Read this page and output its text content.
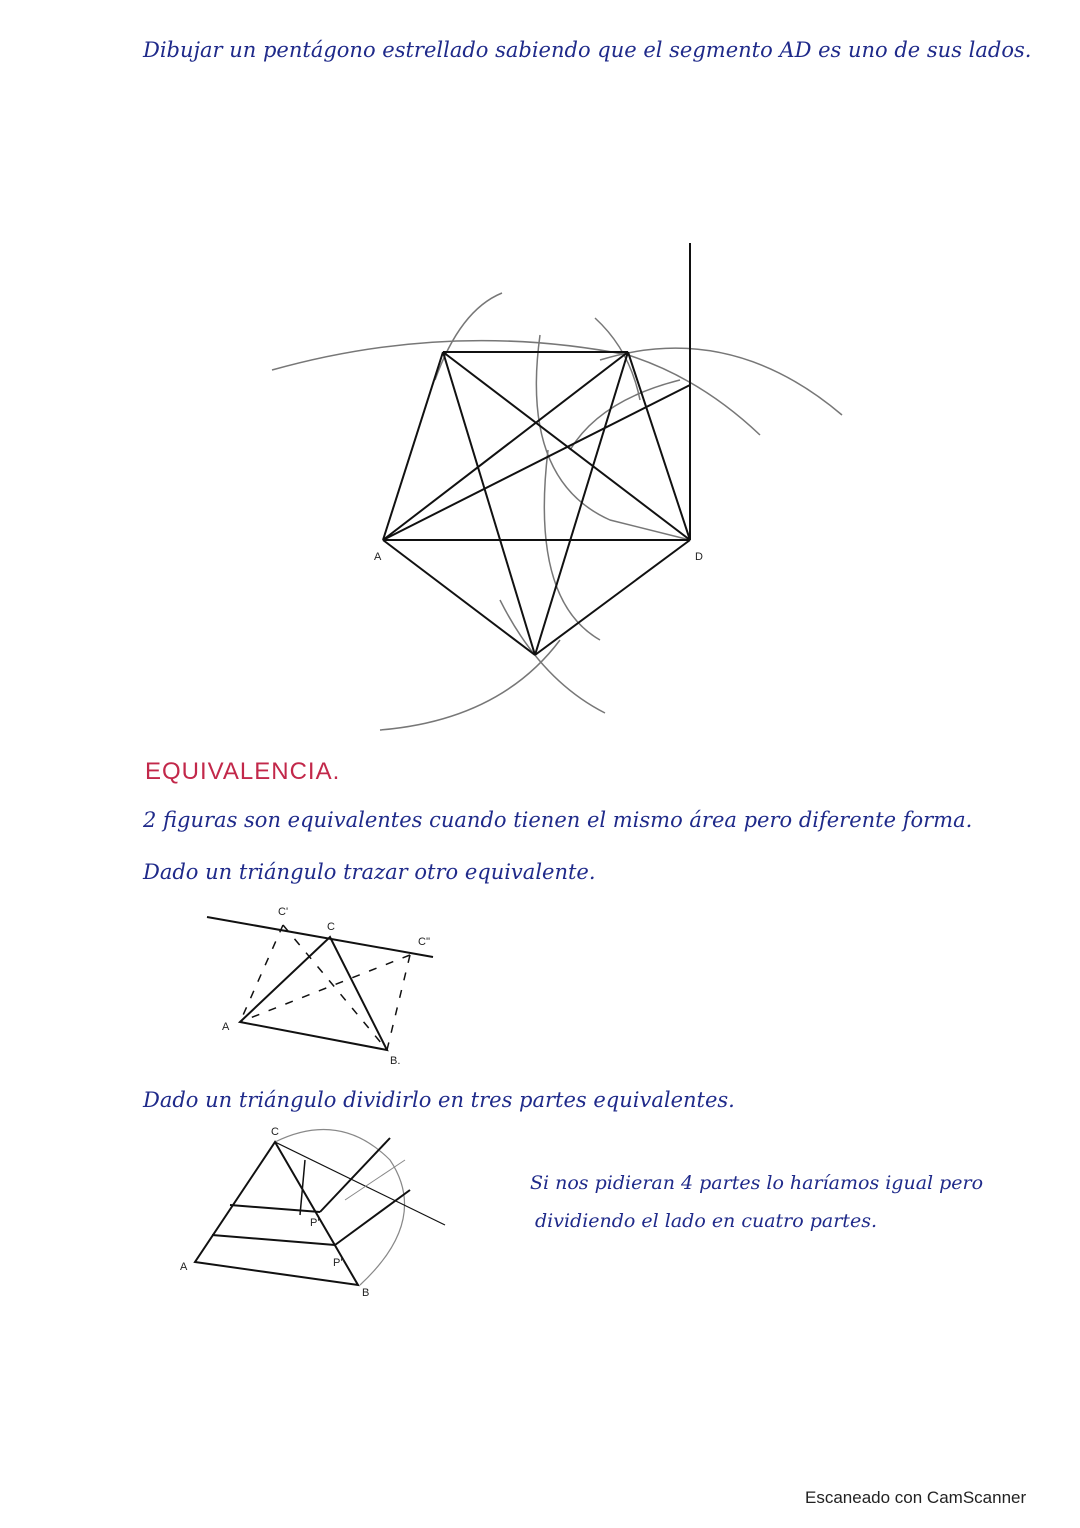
Dibujar un pentágono estrellado sabiendo que el segmento AD es uno de sus lados.
A	D
C'
C
C''
A
B.
C
A
B
P'
P''
EQUIVALENCIA.
2 figuras son equivalentes cuando tienen el mismo área pero diferente forma.
Dado un triángulo trazar otro equivalente.
Dado un triángulo dividirlo en tres partes equivalentes.
Si nos pidieran 4 partes lo haríamos igual pero
dividiendo el lado en cuatro partes.
Escaneado con CamScanner
